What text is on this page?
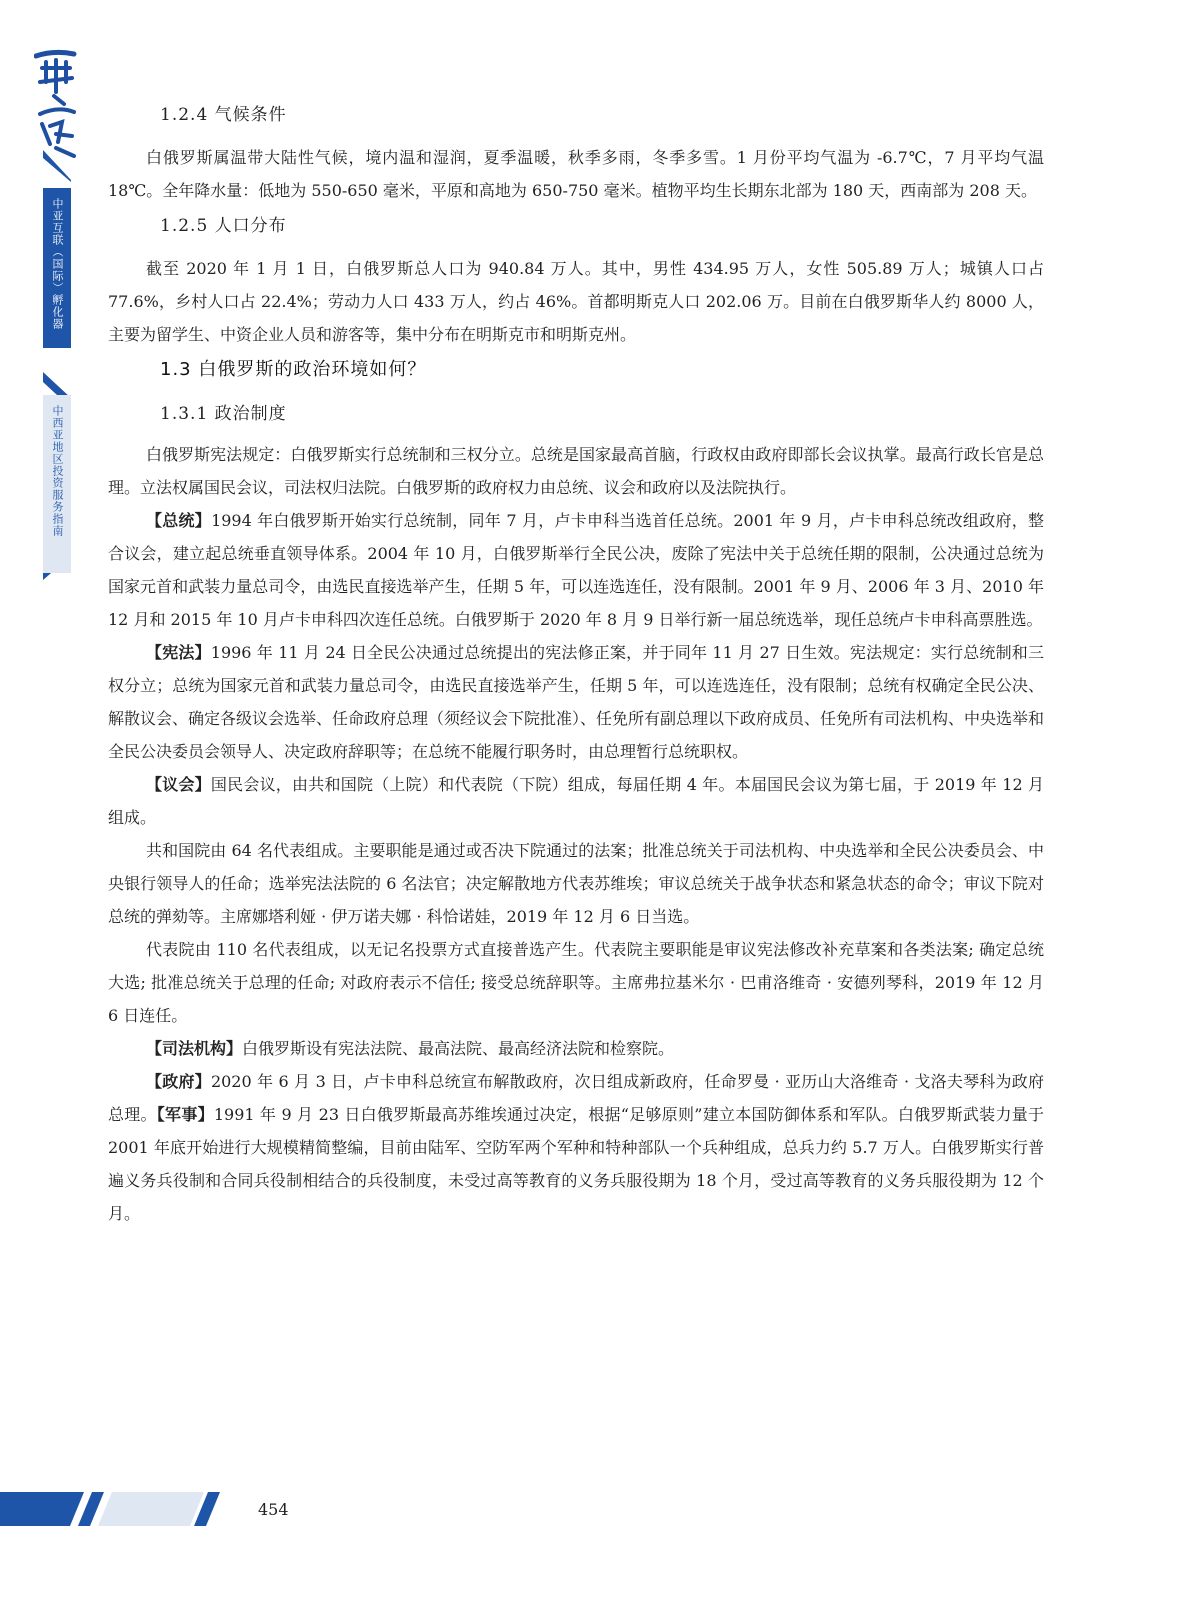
中亚互联（国际）孵化器
中西亚地区投资服务指南
1.2.4 气候条件

白俄罗斯属温带大陆性气候，境内温和湿润，夏季温暖，秋季多雨，冬季多雪。1 月份平均气温为 -6.7℃，7 月平均气温 18℃。全年降水量：低地为 550-650 毫米，平原和高地为 650-750 毫米。植物平均生长期东北部为 180 天，西南部为 208 天。

1.2.5 人口分布

截至 2020 年 1 月 1 日，白俄罗斯总人口为 940.84 万人。其中，男性 434.95 万人，女性 505.89 万人；城镇人口占 77.6%，乡村人口占 22.4%；劳动力人口 433 万人，约占 46%。首都明斯克人口 202.06 万。目前在白俄罗斯华人约 8000 人，主要为留学生、中资企业人员和游客等，集中分布在明斯克市和明斯克州。

1.3 白俄罗斯的政治环境如何？
1.3.1 政治制度

白俄罗斯宪法规定：白俄罗斯实行总统制和三权分立。总统是国家最高首脑，行政权由政府即部长会议执掌。最高行政长官是总理。立法权属国民会议，司法权归法院。白俄罗斯的政府权力由总统、议会和政府以及法院执行。

【总统】1994 年白俄罗斯开始实行总统制，同年 7 月，卢卡申科当选首任总统。2001 年 9 月，卢卡申科总统改组政府，整合议会，建立起总统垂直领导体系。2004 年 10 月，白俄罗斯举行全民公决，废除了宪法中关于总统任期的限制，公决通过总统为国家元首和武装力量总司令，由选民直接选举产生，任期 5 年，可以连选连任，没有限制。2001 年 9 月、2006 年 3 月、2010 年 12 月和 2015 年 10 月卢卡申科四次连任总统。白俄罗斯于 2020 年 8 月 9 日举行新一届总统选举，现任总统卢卡申科高票胜选。

【宪法】1996 年 11 月 24 日全民公决通过总统提出的宪法修正案，并于同年 11 月 27 日生效。宪法规定：实行总统制和三权分立；总统为国家元首和武装力量总司令，由选民直接选举产生，任期 5 年，可以连选连任，没有限制；总统有权确定全民公决、解散议会、确定各级议会选举、任命政府总理（须经议会下院批准）、任免所有副总理以下政府成员、任免所有司法机构、中央选举和全民公决委员会领导人、决定政府辞职等；在总统不能履行职务时，由总理暂行总统职权。

【议会】国民会议，由共和国院（上院）和代表院（下院）组成，每届任期 4 年。本届国民会议为第七届，于 2019 年 12 月组成。

共和国院由 64 名代表组成。主要职能是通过或否决下院通过的法案；批准总统关于司法机构、中央选举和全民公决委员会、中央银行领导人的任命；选举宪法法院的 6 名法官；决定解散地方代表苏维埃；审议总统关于战争状态和紧急状态的命令；审议下院对总统的弹劾等。主席娜塔利娅 · 伊万诺夫娜 · 科恰诺娃，2019 年 12 月 6 日当选。

代表院由 110 名代表组成，以无记名投票方式直接普选产生。代表院主要职能是审议宪法修改补充草案和各类法案; 确定总统大选; 批准总统关于总理的任命; 对政府表示不信任; 接受总统辞职等。主席弗拉基米尔 · 巴甫洛维奇 · 安德列琴科，2019 年 12 月 6 日连任。

【司法机构】白俄罗斯设有宪法法院、最高法院、最高经济法院和检察院。

【政府】2020 年 6 月 3 日，卢卡申科总统宣布解散政府，次日组成新政府，任命罗曼 · 亚历山大洛维奇 · 戈洛夫琴科为政府总理。【军事】1991 年 9 月 23 日白俄罗斯最高苏维埃通过决定，根据“足够原则”建立本国防御体系和军队。白俄罗斯武装力量于 2001 年底开始进行大规模精简整编，目前由陆军、空防军两个军种和特种部队一个兵种组成，总兵力约 5.7 万人。白俄罗斯实行普遍义务兵役制和合同兵役制相结合的兵役制度，未受过高等教育的义务兵服役期为 18 个月，受过高等教育的义务兵服役期为 12 个月。

454
